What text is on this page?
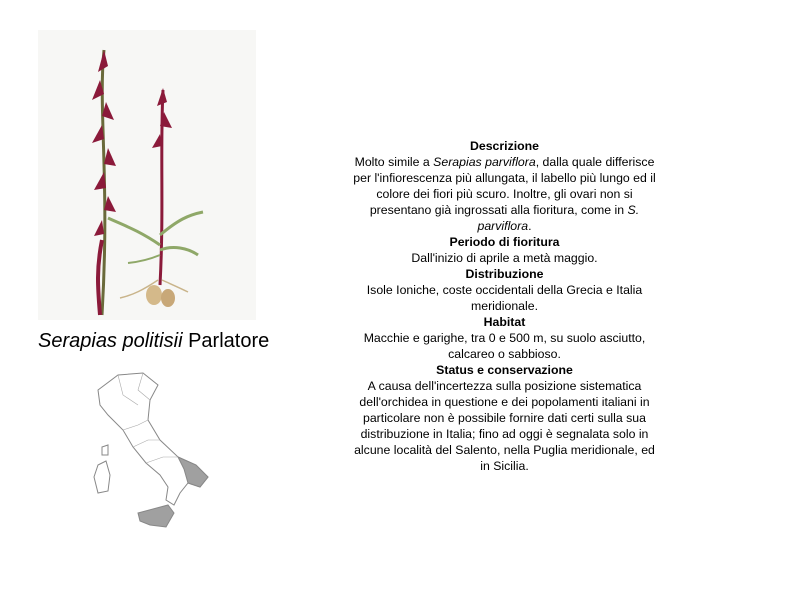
Serapias politisii Parlatore
Descrizione

Molto simile a Serapias parviflora, dalla quale differisce per l'infiorescenza più allungata, il labello più lungo ed il colore dei fiori più scuro. Inoltre, gli ovari non si presentano già ingrossati alla fioritura, come in S. parviflora.

Periodo di fioritura

Dall'inizio di aprile a metà maggio.

Distribuzione

Isole Ioniche, coste occidentali della Grecia e Italia meridionale.

Habitat

Macchie e garighe, tra 0 e 500 m, su suolo asciutto, calcareo o sabbioso.

Status e conservazione

A causa dell'incertezza sulla posizione sistematica dell'orchidea in questione e dei popolamenti italiani in particolare non è possibile fornire dati certi sulla sua distribuzione in Italia; fino ad oggi è segnalata solo in alcune località del Salento, nella Puglia meridionale, ed in Sicilia.
